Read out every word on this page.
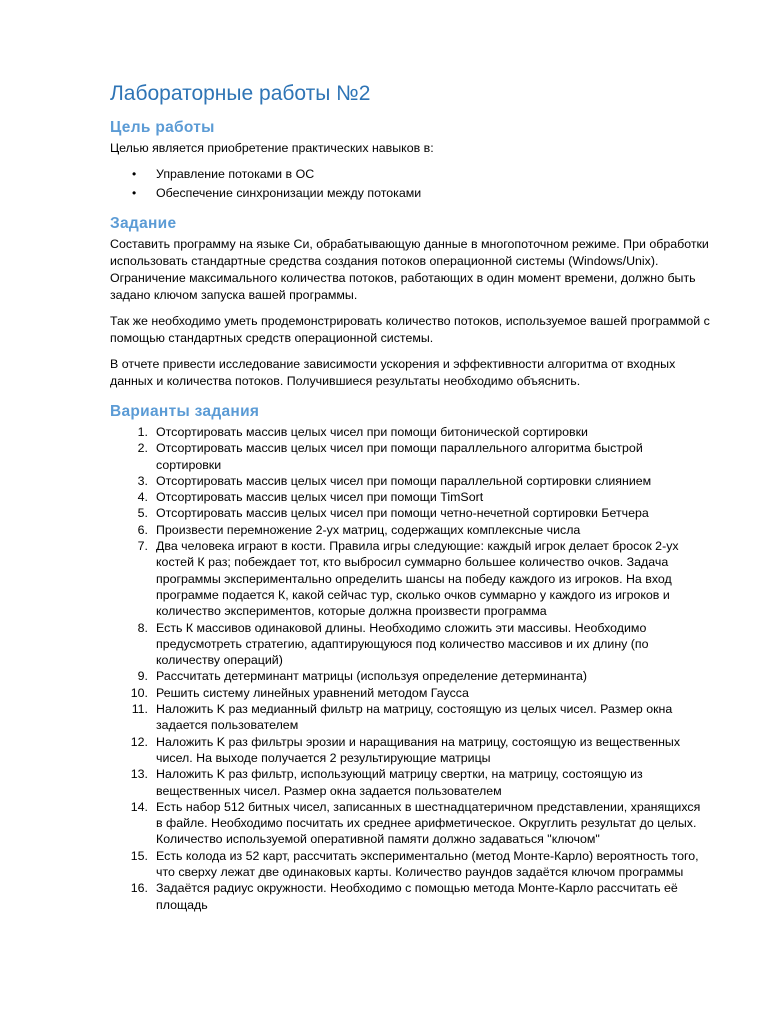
Лабораторные работы №2
Цель работы

Целью является приобретение практических навыков в:

• Управление потоками в ОС
• Обеспечение синхронизации между потоками
Задание

Составить программу на языке Си, обрабатывающую данные в многопоточном режиме. При обработки использовать стандартные средства создания потоков операционной системы (Windows/Unix). Ограничение максимального количества потоков, работающих в один момент времени, должно быть задано ключом запуска вашей программы.

Так же необходимо уметь продемонстрировать количество потоков, используемое вашей программой с помощью стандартных средств операционной системы.

В отчете привести исследование зависимости ускорения и эффективности алгоритма от входных данных и количества потоков. Получившиеся результаты необходимо объяснить.

Варианты задания
1. Отсортировать массив целых чисел при помощи битонической сортировки
2. Отсортировать массив целых чисел при помощи параллельного алгоритма быстрой сортировки
3. Отсортировать массив целых чисел при помощи параллельной сортировки слиянием
4. Отсортировать массив целых чисел при помощи TimSort
5. Отсортировать массив целых чисел при помощи четно-нечетной сортировки Бетчера
6. Произвести перемножение 2-ух матриц, содержащих комплексные числа
7. Два человека играют в кости. Правила игры следующие: каждый игрок делает бросок 2-ух костей К раз; побеждает тот, кто выбросил суммарно большее количество очков. Задача программы экспериментально определить шансы на победу каждого из игроков. На вход программе подается К, какой сейчас тур, сколько очков суммарно у каждого из игроков и количество экспериментов, которые должна произвести программа
8. Есть К массивов одинаковой длины. Необходимо сложить эти массивы. Необходимо предусмотреть стратегию, адаптирующуюся под количество массивов и их длину (по количеству операций)
9. Рассчитать детерминант матрицы (используя определение детерминанта)
10. Решить систему линейных уравнений методом Гаусса
11. Наложить K раз медианный фильтр на матрицу, состоящую из целых чисел. Размер окна задается пользователем
12. Наложить K раз фильтры эрозии и наращивания на матрицу, состоящую из вещественных чисел. На выходе получается 2 результирующие матрицы
13. Наложить K раз фильтр, использующий матрицу свертки, на матрицу, состоящую из вещественных чисел. Размер окна задается пользователем
14. Есть набор 512 битных чисел, записанных в шестнадцатеричном представлении, хранящихся в файле. Необходимо посчитать их среднее арифметическое. Округлить результат до целых. Количество используемой оперативной памяти должно задаваться "ключом"
15. Есть колода из 52 карт, рассчитать экспериментально (метод Монте-Карло) вероятность того, что сверху лежат две одинаковых карты. Количество раундов задаётся ключом программы
16. Задаётся радиус окружности. Необходимо с помощью метода Монте-Карло рассчитать её площадь
